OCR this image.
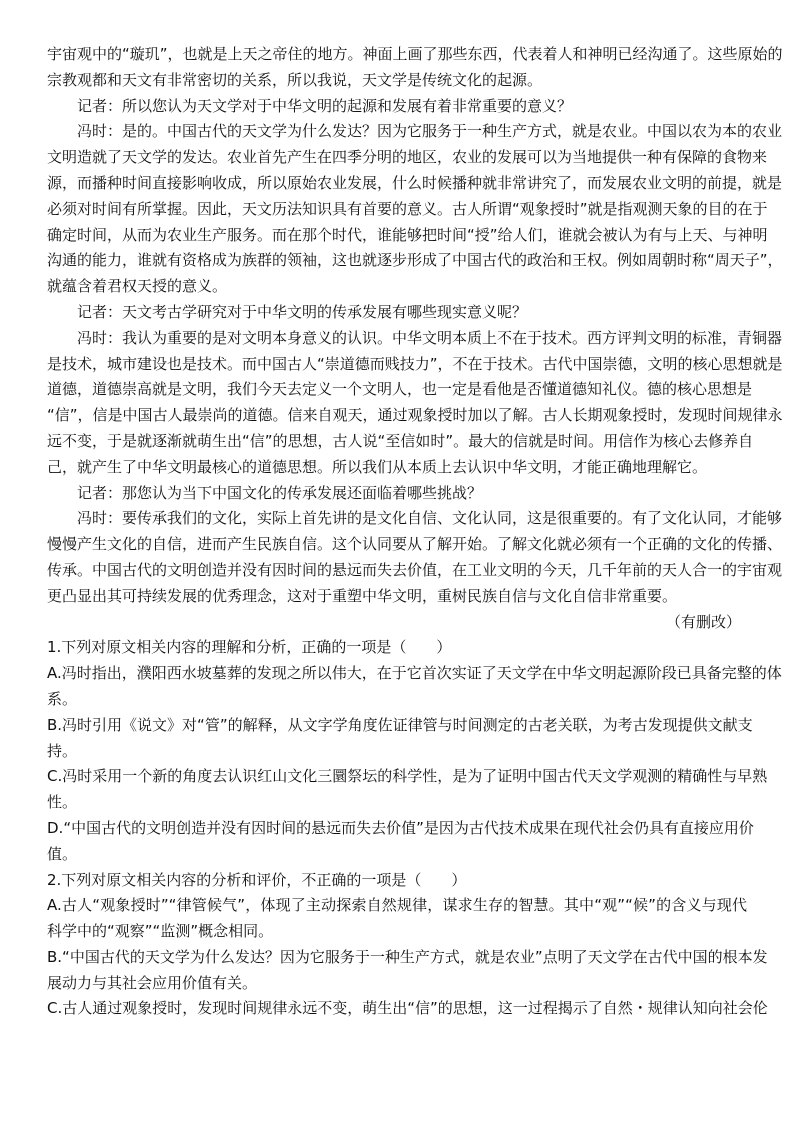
宇宙观中的“璇玑”，也就是上天之帝住的地方。神面上画了那些东西，代表着人和神明已经沟通了。这些原始的
宗教观都和天文有非常密切的关系，所以我说，天文学是传统文化的起源。
记者：所以您认为天文学对于中华文明的起源和发展有着非常重要的意义？
冯时：是的。中国古代的天文学为什么发达？因为它服务于一种生产方式，就是农业。中国以农为本的农业
文明造就了天文学的发达。农业首先产生在四季分明的地区，农业的发展可以为当地提供一种有保障的食物来
源，而播种时间直接影响收成，所以原始农业发展，什么时候播种就非常讲究了，而发展农业文明的前提，就是
必须对时间有所掌握。因此，天文历法知识具有首要的意义。古人所谓“观象授时”就是指观测天象的目的在于
确定时间，从而为农业生产服务。而在那个时代，谁能够把时间“授”给人们，谁就会被认为有与上天、与神明
沟通的能力，谁就有资格成为族群的领袖，这也就逐步形成了中国古代的政治和王权。例如周朝时称“周天子”，
就蕴含着君权天授的意义。
记者：天文考古学研究对于中华文明的传承发展有哪些现实意义呢？
冯时：我认为重要的是对文明本身意义的认识。中华文明本质上不在于技术。西方评判文明的标准，青铜器
是技术，城市建设也是技术。而中国古人“崇道德而贱技力”，不在于技术。古代中国崇德，文明的核心思想就是
道德，道德崇高就是文明，我们今天去定义一个文明人，也一定是看他是否懂道德知礼仪。德的核心思想是
“信”，信是中国古人最崇尚的道德。信来自观天，通过观象授时加以了解。古人长期观象授时，发现时间规律永
远不变，于是就逐渐就萌生出“信”的思想，古人说“至信如时”。最大的信就是时间。用信作为核心去修养自
己，就产生了中华文明最核心的道德思想。所以我们从本质上去认识中华文明，才能正确地理解它。
记者：那您认为当下中国文化的传承发展还面临着哪些挑战？
冯时：要传承我们的文化，实际上首先讲的是文化自信、文化认同，这是很重要的。有了文化认同，才能够
慢慢产生文化的自信，进而产生民族自信。这个认同要从了解开始。了解文化就必须有一个正确的文化的传播、
传承。中国古代的文明创造并没有因时间的悬远而失去价值，在工业文明的今天，几千年前的天人合一的宇宙观
更凸显出其可持续发展的优秀理念，这对于重塑中华文明，重树民族自信与文化自信非常重要。
（有删改）
1.下列对原文相关内容的理解和分析，正确的一项是（　　）
A.冯时指出，濮阳西水坡墓葬的发现之所以伟大，在于它首次实证了天文学在中华文明起源阶段已具备完整的体
系。
B.冯时引用《说文》对“管”的解释，从文字学角度佐证律管与时间测定的古老关联，为考古发现提供文献支
持。
C.冯时采用一个新的角度去认识红山文化三圜祭坛的科学性，是为了证明中国古代天文学观测的精确性与早熟
性。
D.“中国古代的文明创造并没有因时间的悬远而失去价值”是因为古代技术成果在现代社会仍具有直接应用价
值。
2.下列对原文相关内容的分析和评价，不正确的一项是（　　）
A.古人“观象授时”“律管候气”，体现了主动探索自然规律，谋求生存的智慧。其中“观”“候”的含义与现代
科学中的“观察”“监测”概念相同。
B.“中国古代的天文学为什么发达？因为它服务于一种生产方式，就是农业”点明了天文学在古代中国的根本发
展动力与其社会应用价值有关。
C.古人通过观象授时，发现时间规律永远不变，萌生出“信”的思想，这一过程揭示了自然・规律认知向社会伦
